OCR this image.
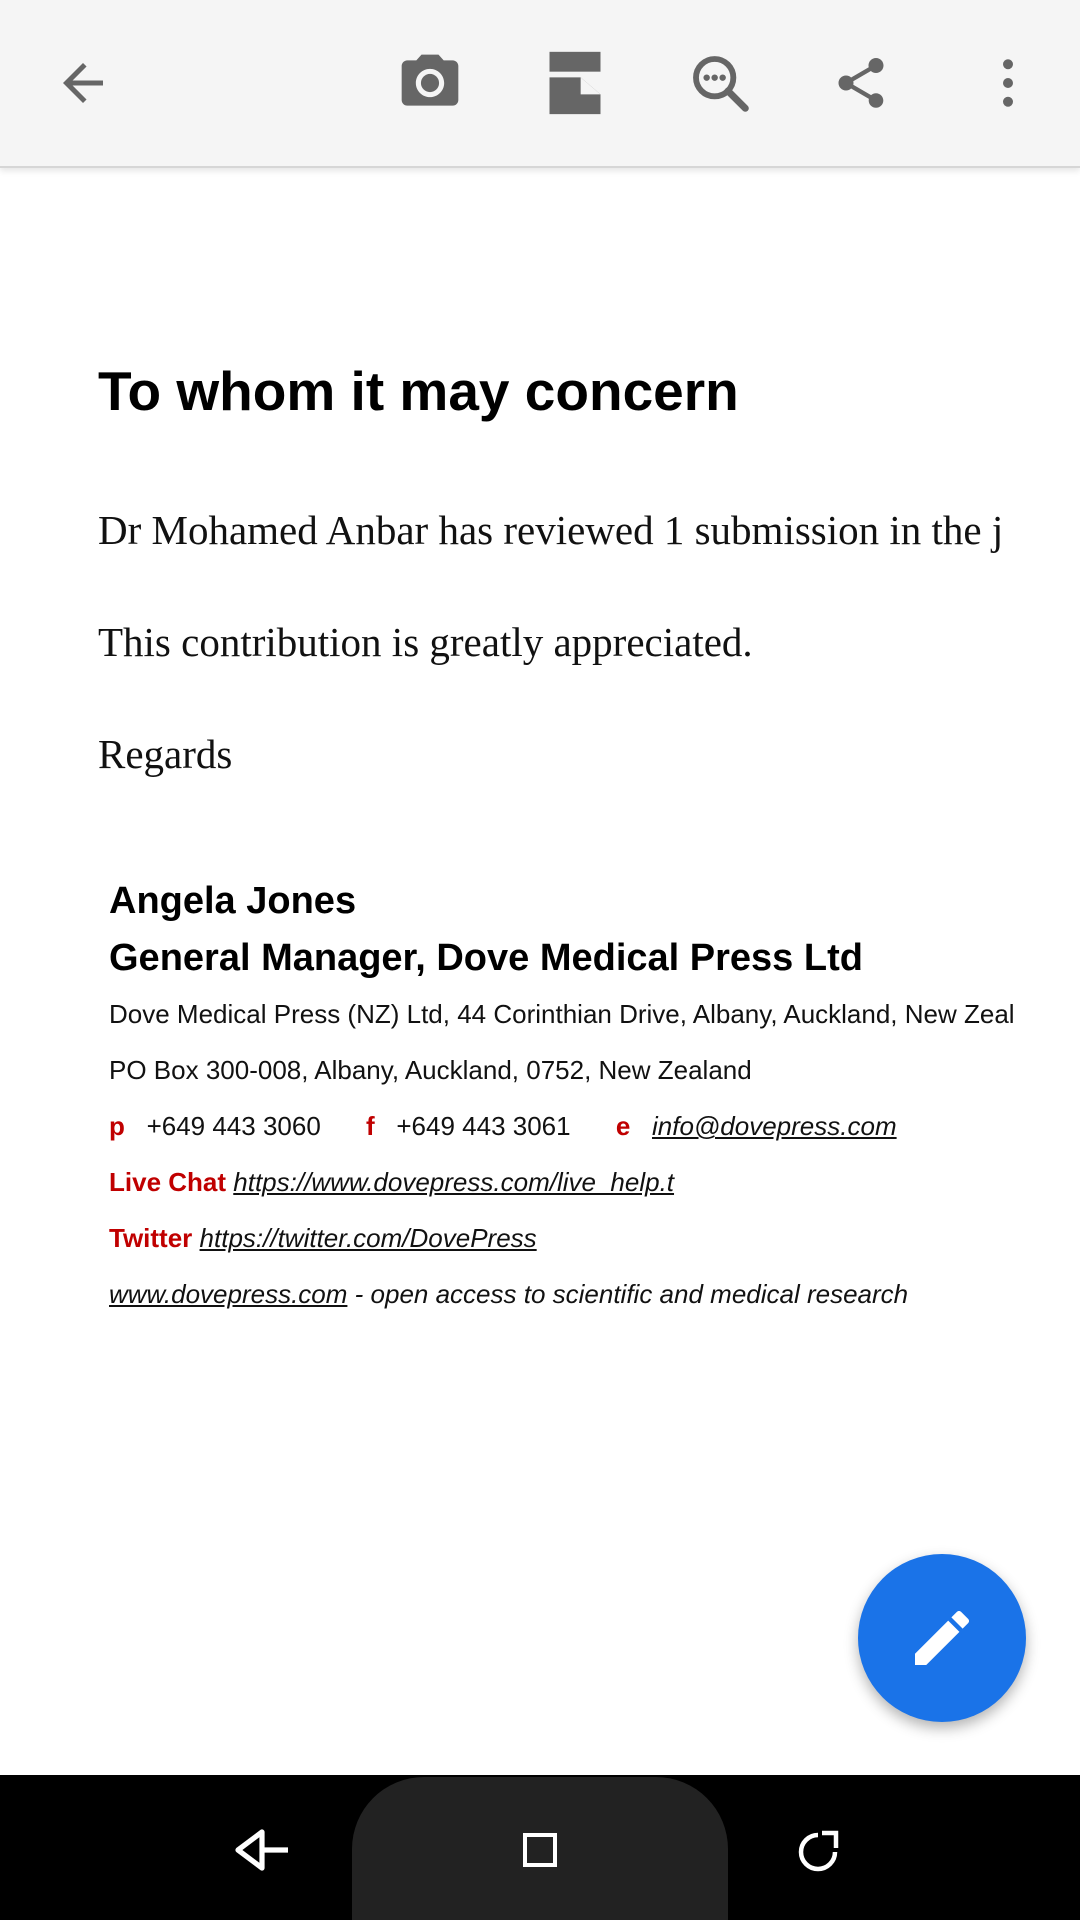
To whom it may concern

Dr Mohamed Anbar has reviewed 1 submission in the j

This contribution is greatly appreciated.

Regards

Angela Jones

General Manager, Dove Medical Press Ltd

Dove Medical Press (NZ) Ltd, 44 Corinthian Drive, Albany, Auckland, New Zeal

PO Box 300-008, Albany, Auckland, 0752, New Zealand

p +649 443 3060 f +649 443 3061 e info@dovepress.com

Live Chat https://www.dovepress.com/live_help.t

Twitter https://twitter.com/DovePress

www.dovepress.com - open access to scientific and medical research
